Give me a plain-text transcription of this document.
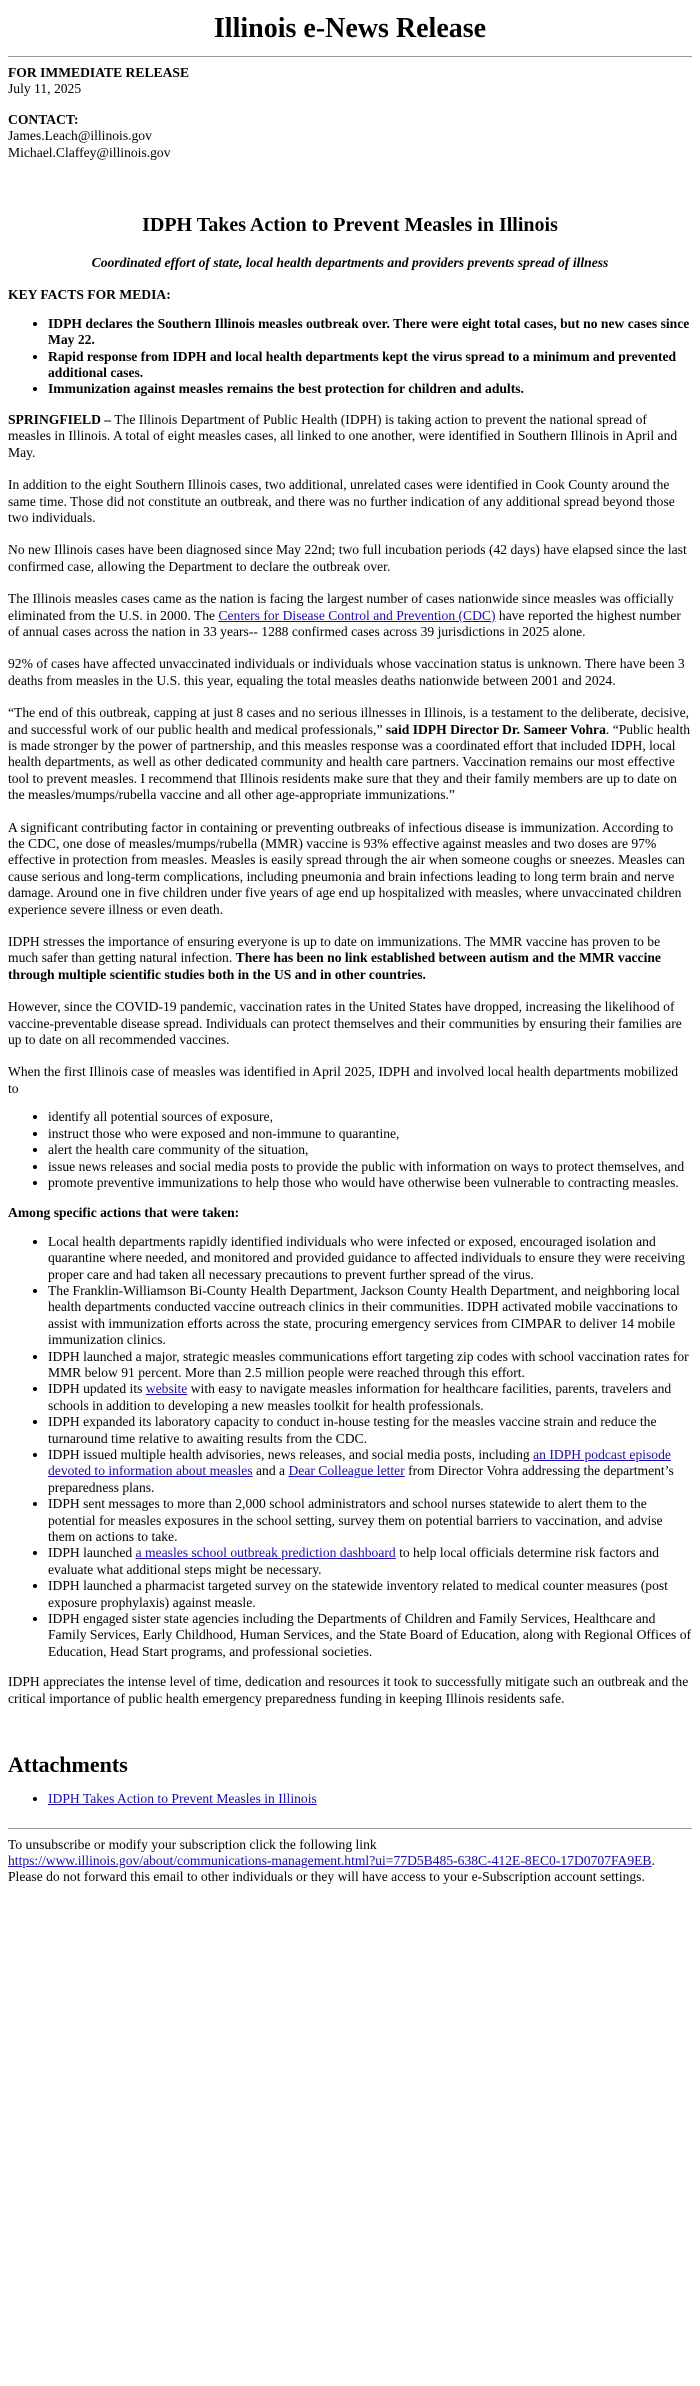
Illinois e-News Release

FOR IMMEDIATE RELEASE

July 11, 2025

CONTACT:

James.Leach@illinois.gov

Michael.Claffey@illinois.gov

IDPH Takes Action to Prevent Measles in Illinois

Coordinated effort of state, local health departments and providers prevents spread of illness

KEY FACTS FOR MEDIA:

• IDPH declares the Southern Illinois measles outbreak over. There were eight total cases, but no new cases since May 22.
• Rapid response from IDPH and local health departments kept the virus spread to a minimum and prevented additional cases.
• Immunization against measles remains the best protection for children and adults.

SPRINGFIELD – The Illinois Department of Public Health (IDPH) is taking action to prevent the national spread of measles in Illinois. A total of eight measles cases, all linked to one another, were identified in Southern Illinois in April and May.

In addition to the eight Southern Illinois cases, two additional, unrelated cases were identified in Cook County around the same time. Those did not constitute an outbreak, and there was no further indication of any additional spread beyond those two individuals.

No new Illinois cases have been diagnosed since May 22nd; two full incubation periods (42 days) have elapsed since the last confirmed case, allowing the Department to declare the outbreak over.

The Illinois measles cases came as the nation is facing the largest number of cases nationwide since measles was officially eliminated from the U.S. in 2000. The Centers for Disease Control and Prevention (CDC) have reported the highest number of annual cases across the nation in 33 years-- 1288 confirmed cases across 39 jurisdictions in 2025 alone.

92% of cases have affected unvaccinated individuals or individuals whose vaccination status is unknown. There have been 3 deaths from measles in the U.S. this year, equaling the total measles deaths nationwide between 2001 and 2024.

“The end of this outbreak, capping at just 8 cases and no serious illnesses in Illinois, is a testament to the deliberate, decisive, and successful work of our public health and medical professionals,” said IDPH Director Dr. Sameer Vohra. “Public health is made stronger by the power of partnership, and this measles response was a coordinated effort that included IDPH, local health departments, as well as other dedicated community and health care partners. Vaccination remains our most effective tool to prevent measles. I recommend that Illinois residents make sure that they and their family members are up to date on the measles/mumps/rubella vaccine and all other age-appropriate immunizations.”

A significant contributing factor in containing or preventing outbreaks of infectious disease is immunization. According to the CDC, one dose of measles/mumps/rubella (MMR) vaccine is 93% effective against measles and two doses are 97% effective in protection from measles. Measles is easily spread through the air when someone coughs or sneezes. Measles can cause serious and long-term complications, including pneumonia and brain infections leading to long term brain and nerve damage. Around one in five children under five years of age end up hospitalized with measles, where unvaccinated children experience severe illness or even death.

IDPH stresses the importance of ensuring everyone is up to date on immunizations. The MMR vaccine has proven to be much safer than getting natural infection. There has been no link established between autism and the MMR vaccine through multiple scientific studies both in the US and in other countries.

However, since the COVID-19 pandemic, vaccination rates in the United States have dropped, increasing the likelihood of vaccine-preventable disease spread. Individuals can protect themselves and their communities by ensuring their families are up to date on all recommended vaccines.

When the first Illinois case of measles was identified in April 2025, IDPH and involved local health departments mobilized to

• identify all potential sources of exposure,
• instruct those who were exposed and non-immune to quarantine,
• alert the health care community of the situation,
• issue news releases and social media posts to provide the public with information on ways to protect themselves, and
• promote preventive immunizations to help those who would have otherwise been vulnerable to contracting measles.

Among specific actions that were taken:

• Local health departments rapidly identified individuals who were infected or exposed, encouraged isolation and quarantine where needed, and monitored and provided guidance to affected individuals to ensure they were receiving proper care and had taken all necessary precautions to prevent further spread of the virus.
• The Franklin-Williamson Bi-County Health Department, Jackson County Health Department, and neighboring local health departments conducted vaccine outreach clinics in their communities. IDPH activated mobile vaccinations to assist with immunization efforts across the state, procuring emergency services from CIMPAR to deliver 14 mobile immunization clinics.
• IDPH launched a major, strategic measles communications effort targeting zip codes with school vaccination rates for MMR below 91 percent. More than 2.5 million people were reached through this effort.
• IDPH updated its website with easy to navigate measles information for healthcare facilities, parents, travelers and schools in addition to developing a new measles toolkit for health professionals.
• IDPH expanded its laboratory capacity to conduct in-house testing for the measles vaccine strain and reduce the turnaround time relative to awaiting results from the CDC.
• IDPH issued multiple health advisories, news releases, and social media posts, including an IDPH podcast episode devoted to information about measles and a Dear Colleague letter from Director Vohra addressing the department’s preparedness plans.
• IDPH sent messages to more than 2,000 school administrators and school nurses statewide to alert them to the potential for measles exposures in the school setting, survey them on potential barriers to vaccination, and advise them on actions to take.
• IDPH launched a measles school outbreak prediction dashboard to help local officials determine risk factors and evaluate what additional steps might be necessary.
• IDPH launched a pharmacist targeted survey on the statewide inventory related to medical counter measures (post exposure prophylaxis) against measle.
• IDPH engaged sister state agencies including the Departments of Children and Family Services, Healthcare and Family Services, Early Childhood, Human Services, and the State Board of Education, along with Regional Offices of Education, Head Start programs, and professional societies.

IDPH appreciates the intense level of time, dedication and resources it took to successfully mitigate such an outbreak and the critical importance of public health emergency preparedness funding in keeping Illinois residents safe.

Attachments
• IDPH Takes Action to Prevent Measles in Illinois

To unsubscribe or modify your subscription click the following link

https://www.illinois.gov/about/communications-management.html?ui=77D5B485-638C-412E-8EC0-17D0707FA9EB. Please do not forward this email to other individuals or they will have access to your e-Subscription account settings.
